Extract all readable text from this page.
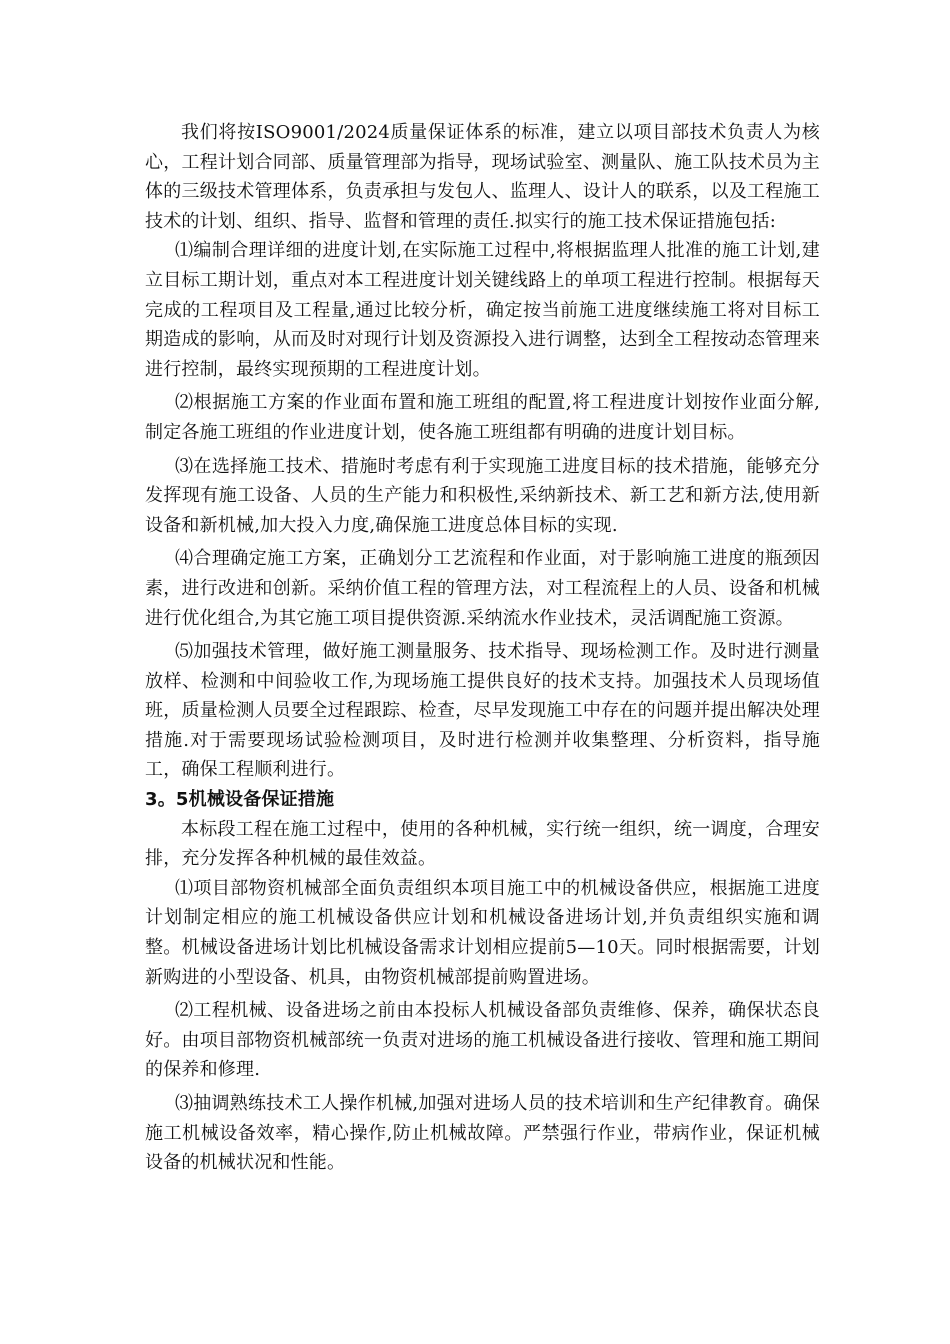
我们将按ISO9001/2024质量保证体系的标准，建立以项目部技术负责人为核心，工程计划合同部、质量管理部为指导，现场试验室、测量队、施工队技术员为主体的三级技术管理体系，负责承担与发包人、监理人、设计人的联系，以及工程施工技术的计划、组织、指导、监督和管理的责任.拟实行的施工技术保证措施包括:

⑴编制合理详细的进度计划,在实际施工过程中,将根据监理人批准的施工计划,建立目标工期计划，重点对本工程进度计划关键线路上的单项工程进行控制。根据每天完成的工程项目及工程量,通过比较分析，确定按当前施工进度继续施工将对目标工期造成的影响，从而及时对现行计划及资源投入进行调整，达到全工程按动态管理来进行控制，最终实现预期的工程进度计划。

⑵根据施工方案的作业面布置和施工班组的配置,将工程进度计划按作业面分解,制定各施工班组的作业进度计划，使各施工班组都有明确的进度计划目标。

⑶在选择施工技术、措施时考虑有利于实现施工进度目标的技术措施，能够充分发挥现有施工设备、人员的生产能力和积极性,采纳新技术、新工艺和新方法,使用新设备和新机械,加大投入力度,确保施工进度总体目标的实现.

⑷合理确定施工方案，正确划分工艺流程和作业面，对于影响施工进度的瓶颈因素，进行改进和创新。采纳价值工程的管理方法，对工程流程上的人员、设备和机械进行优化组合,为其它施工项目提供资源.采纳流水作业技术，灵活调配施工资源。

⑸加强技术管理，做好施工测量服务、技术指导、现场检测工作。及时进行测量放样、检测和中间验收工作,为现场施工提供良好的技术支持。加强技术人员现场值班，质量检测人员要全过程跟踪、检查，尽早发现施工中存在的问题并提出解决处理措施.对于需要现场试验检测项目，及时进行检测并收集整理、分析资料，指导施工，确保工程顺利进行。

3。5机械设备保证措施

本标段工程在施工过程中，使用的各种机械，实行统一组织，统一调度，合理安排，充分发挥各种机械的最佳效益。

⑴项目部物资机械部全面负责组织本项目施工中的机械设备供应，根据施工进度计划制定相应的施工机械设备供应计划和机械设备进场计划,并负责组织实施和调整。机械设备进场计划比机械设备需求计划相应提前5—10天。同时根据需要，计划新购进的小型设备、机具，由物资机械部提前购置进场。

⑵工程机械、设备进场之前由本投标人机械设备部负责维修、保养，确保状态良好。由项目部物资机械部统一负责对进场的施工机械设备进行接收、管理和施工期间的保养和修理.

⑶抽调熟练技术工人操作机械,加强对进场人员的技术培训和生产纪律教育。确保施工机械设备效率，精心操作,防止机械故障。严禁强行作业，带病作业，保证机械设备的机械状况和性能。
